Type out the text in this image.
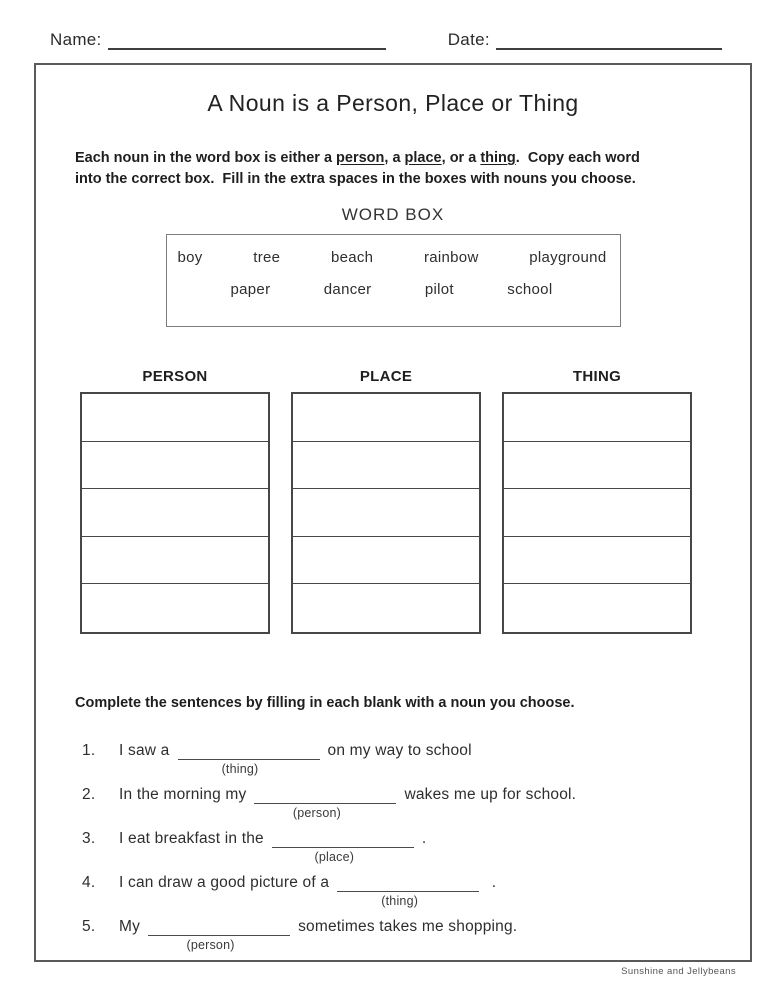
Name:	Date:
A Noun is a Person, Place or Thing
Each noun in the word box is either a person, a place, or a thing.  Copy each word
into the correct box.  Fill in the extra spaces in the boxes with nouns you choose.
WORD BOX
boy	tree	beach	rainbow	playground
paper	dancer	pilot	school
PERSON	PLACE	THING
Complete the sentences by filling in each blank with a noun you choose.
1.	I saw a
(thing)
on my way to school
2.	In the morning my
(person)
wakes me up for school.
3.	I eat breakfast in the
(place)
.
4.	I can draw a good picture of a
(thing)
.
5.	My
(person)
sometimes takes me shopping.
Sunshine and Jellybeans
